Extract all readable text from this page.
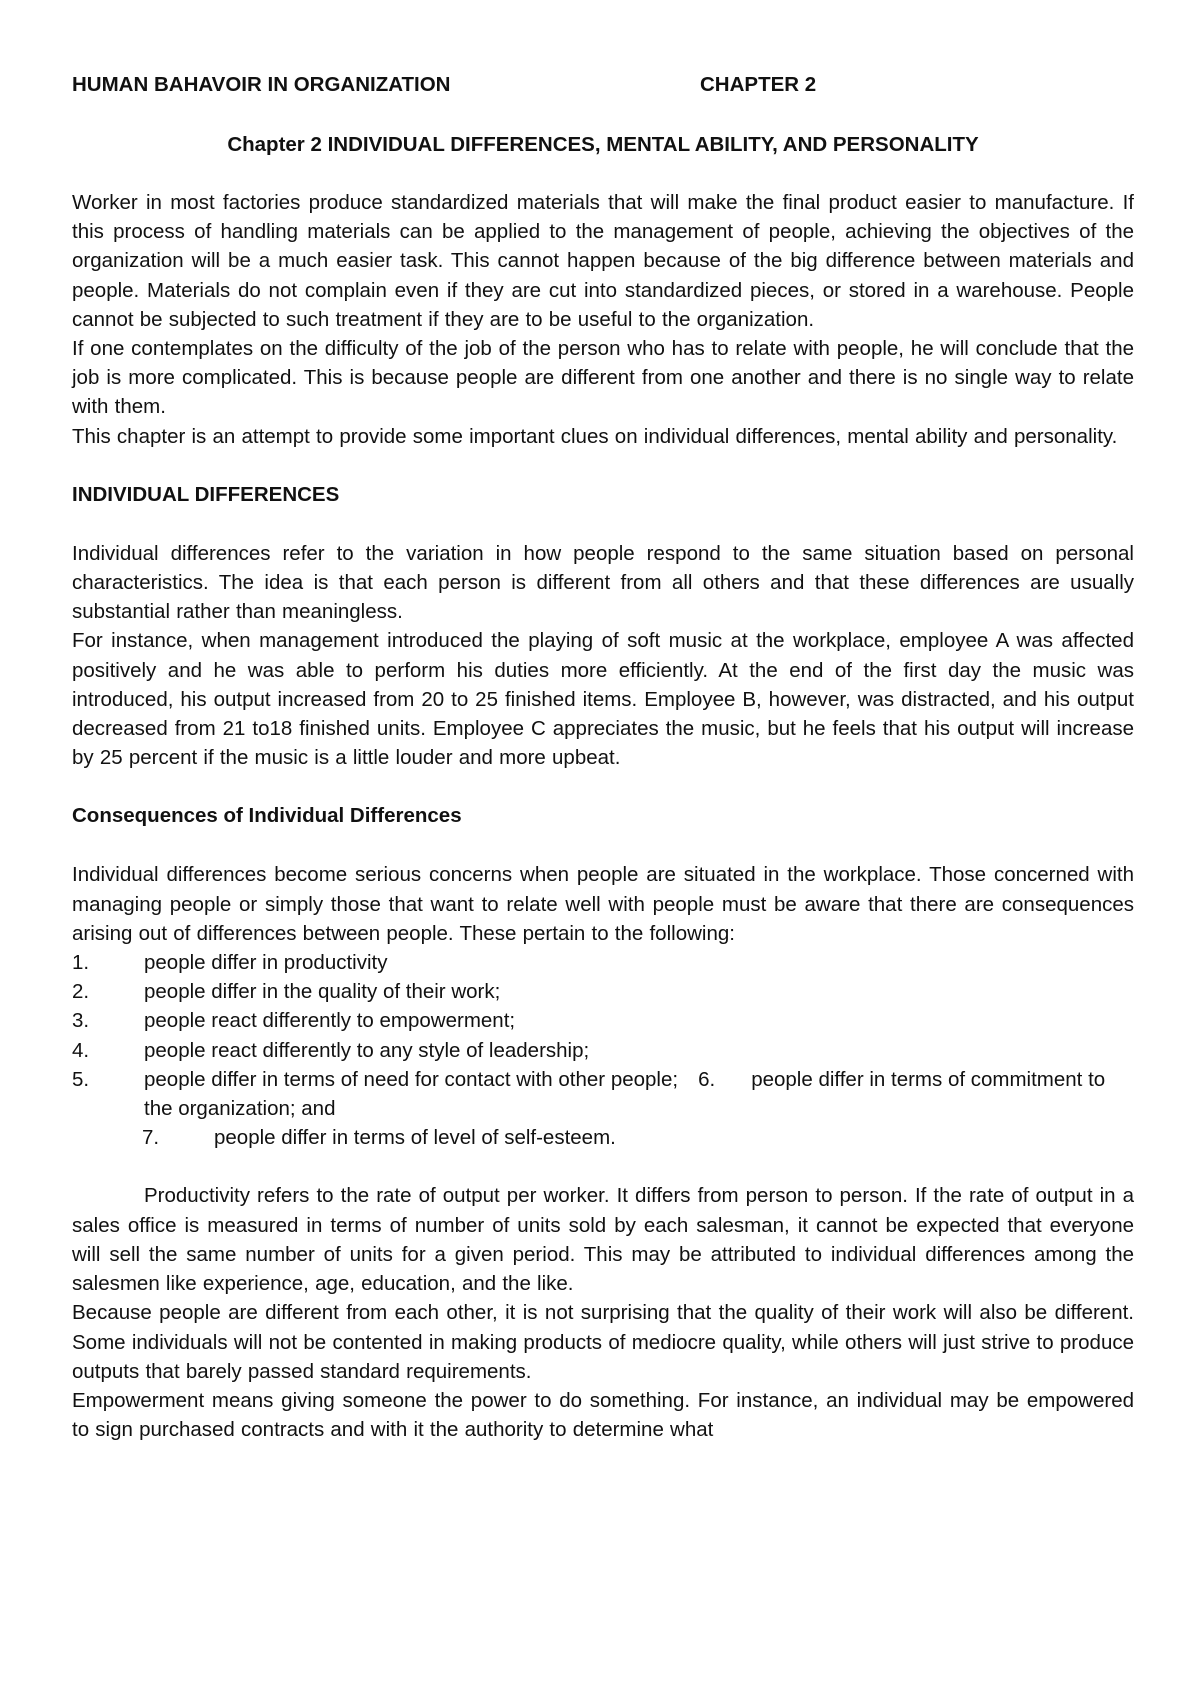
HUMAN BAHAVOIR IN ORGANIZATION	CHAPTER 2
Chapter 2 INDIVIDUAL DIFFERENCES, MENTAL ABILITY, AND PERSONALITY

Worker in most factories produce standardized materials that will make the final product easier to manufacture. If this process of handling materials can be applied to the management of people, achieving the objectives of the organization will be a much easier task. This cannot happen because of the big difference between materials and people. Materials do not complain even if they are cut into standardized pieces, or stored in a warehouse. People cannot be subjected to such treatment if they are to be useful to the organization.

If one contemplates on the difficulty of the job of the person who has to relate with people, he will conclude that the job is more complicated. This is because people are different from one another and there is no single way to relate with them.

This chapter is an attempt to provide some important clues on individual differences, mental ability and personality.

INDIVIDUAL DIFFERENCES

Individual differences refer to the variation in how people respond to the same situation based on personal characteristics. The idea is that each person is different from all others and that these differences are usually substantial rather than meaningless.

For instance, when management introduced the playing of soft music at the workplace, employee A was affected positively and he was able to perform his duties more efficiently. At the end of the first day the music was introduced, his output increased from 20 to 25 finished items. Employee B, however, was distracted, and his output decreased from 21 to18 finished units. Employee C appreciates the music, but he feels that his output will increase by 25 percent if the music is a little louder and more upbeat.

Consequences of Individual Differences

Individual differences become serious concerns when people are situated in the workplace. Those concerned with managing people or simply those that want to relate well with people must be aware that there are consequences arising out of differences between people. These pertain to the following:

1.	people differ in productivity
2.	people differ in the quality of their work;
3.	people react differently to empowerment;
4.	people react differently to any style of leadership;
5.	people differ in terms of need for contact with other people; 6. people differ in terms of commitment to the organization; and
7.	people differ in terms of level of self-esteem.

Productivity refers to the rate of output per worker. It differs from person to person. If the rate of output in a sales office is measured in terms of number of units sold by each salesman, it cannot be expected that everyone will sell the same number of units for a given period. This may be attributed to individual differences among the salesmen like experience, age, education, and the like.

Because people are different from each other, it is not surprising that the quality of their work will also be different. Some individuals will not be contented in making products of mediocre quality, while others will just strive to produce outputs that barely passed standard requirements.

Empowerment means giving someone the power to do something. For instance, an individual may be empowered to sign purchased contracts and with it the authority to determine what
